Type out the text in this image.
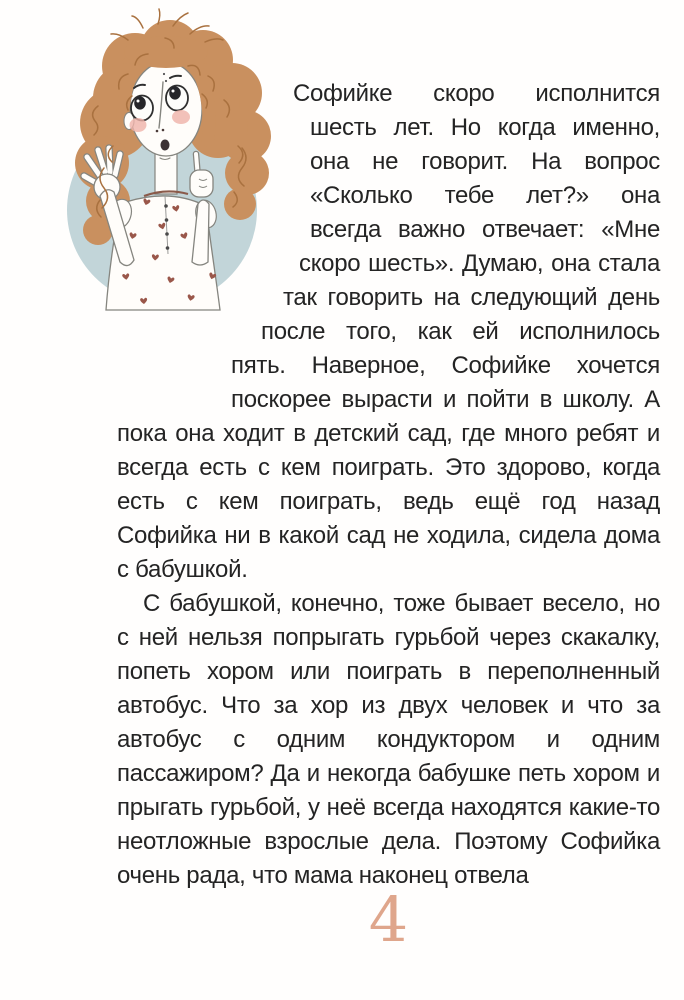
Софийке скоро исполнится шесть лет. Но когда именно, она не говорит. На вопрос «Сколько тебе лет?» она всегда важно отвечает: «Мне скоро шесть». Думаю, она стала так говорить на следующий день после того, как ей исполнилось пять. Наверное, Софийке хочется поскорее вырасти и пойти в школу. А пока она ходит в детский сад, где много ребят и всегда есть с кем поиграть. Это здорово, когда есть с кем поиграть, ведь ещё год назад Софийка ни в какой сад не ходила, сидела дома с бабушкой.

С бабушкой, конечно, тоже бывает весело, но с ней нельзя попрыгать гурьбой через скакалку, попеть хором или поиграть в переполненный автобус. Что за хор из двух человек и что за автобус с одним кондуктором и одним пассажиром? Да и некогда бабушке петь хором и прыгать гурьбой, у неё всегда находятся какие-то неотложные взрослые дела. Поэтому Софийка очень рада, что мама наконец отвела

4
